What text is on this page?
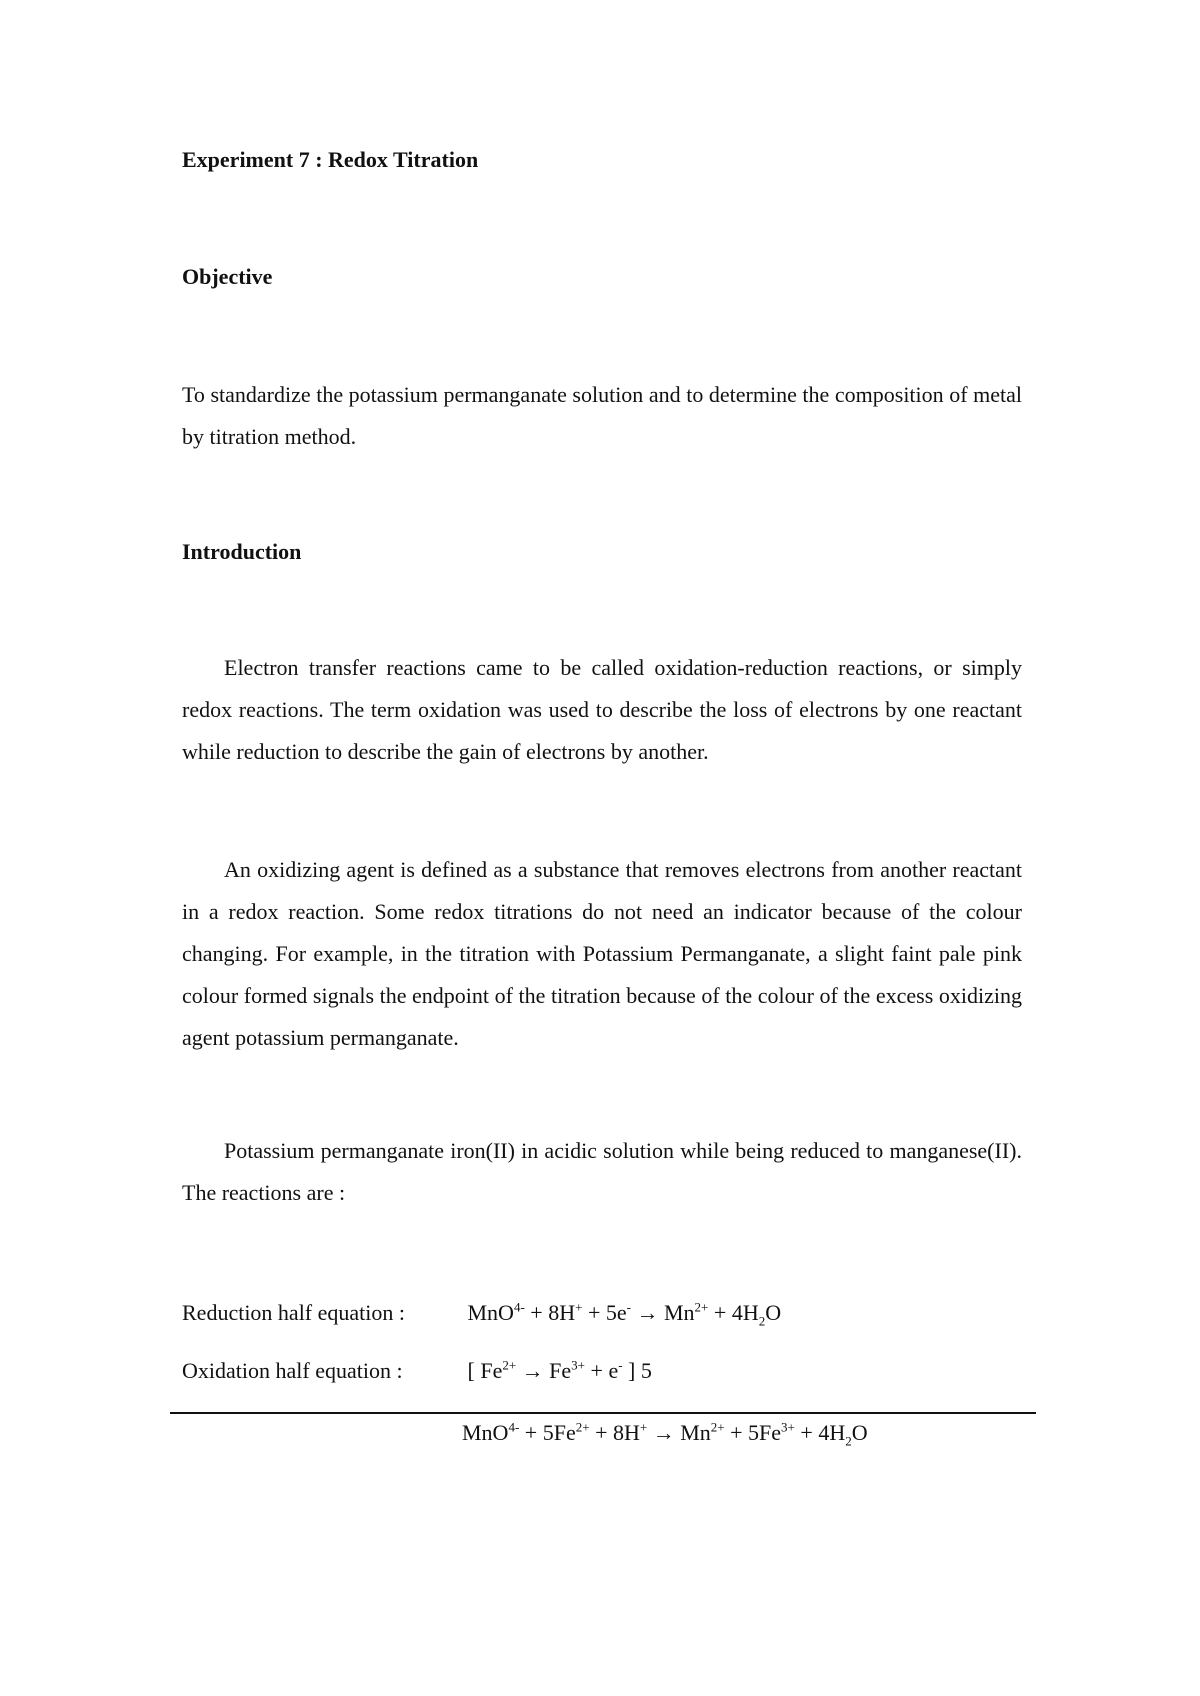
Experiment 7 : Redox Titration
Objective

To standardize the potassium permanganate solution and to determine the composition of metal by titration method.

Introduction

Electron transfer reactions came to be called oxidation-reduction reactions, or simply redox reactions. The term oxidation was used to describe the loss of electrons by one reactant while reduction to describe the gain of electrons by another.

An oxidizing agent is defined as a substance that removes electrons from another reactant in a redox reaction. Some redox titrations do not need an indicator because of the colour changing. For example, in the titration with Potassium Permanganate, a slight faint pale pink colour formed signals the endpoint of the titration because of the colour of the excess oxidizing agent potassium permanganate.

Potassium permanganate iron(II) in acidic solution while being reduced to manganese(II). The reactions are :

Reduction half equation :	$MnO^{4-} + 8H^+ + 5e^- \to Mn^{2+} + 4H_2O$
Oxidation half equation :	[ $Fe^{2+} \to Fe^{3+} + e^-$ ] 5
$MnO^{4-} + 5Fe^{2+} + 8H^+ \to Mn^{2+} + 5Fe^{3+} + 4H_2O$
